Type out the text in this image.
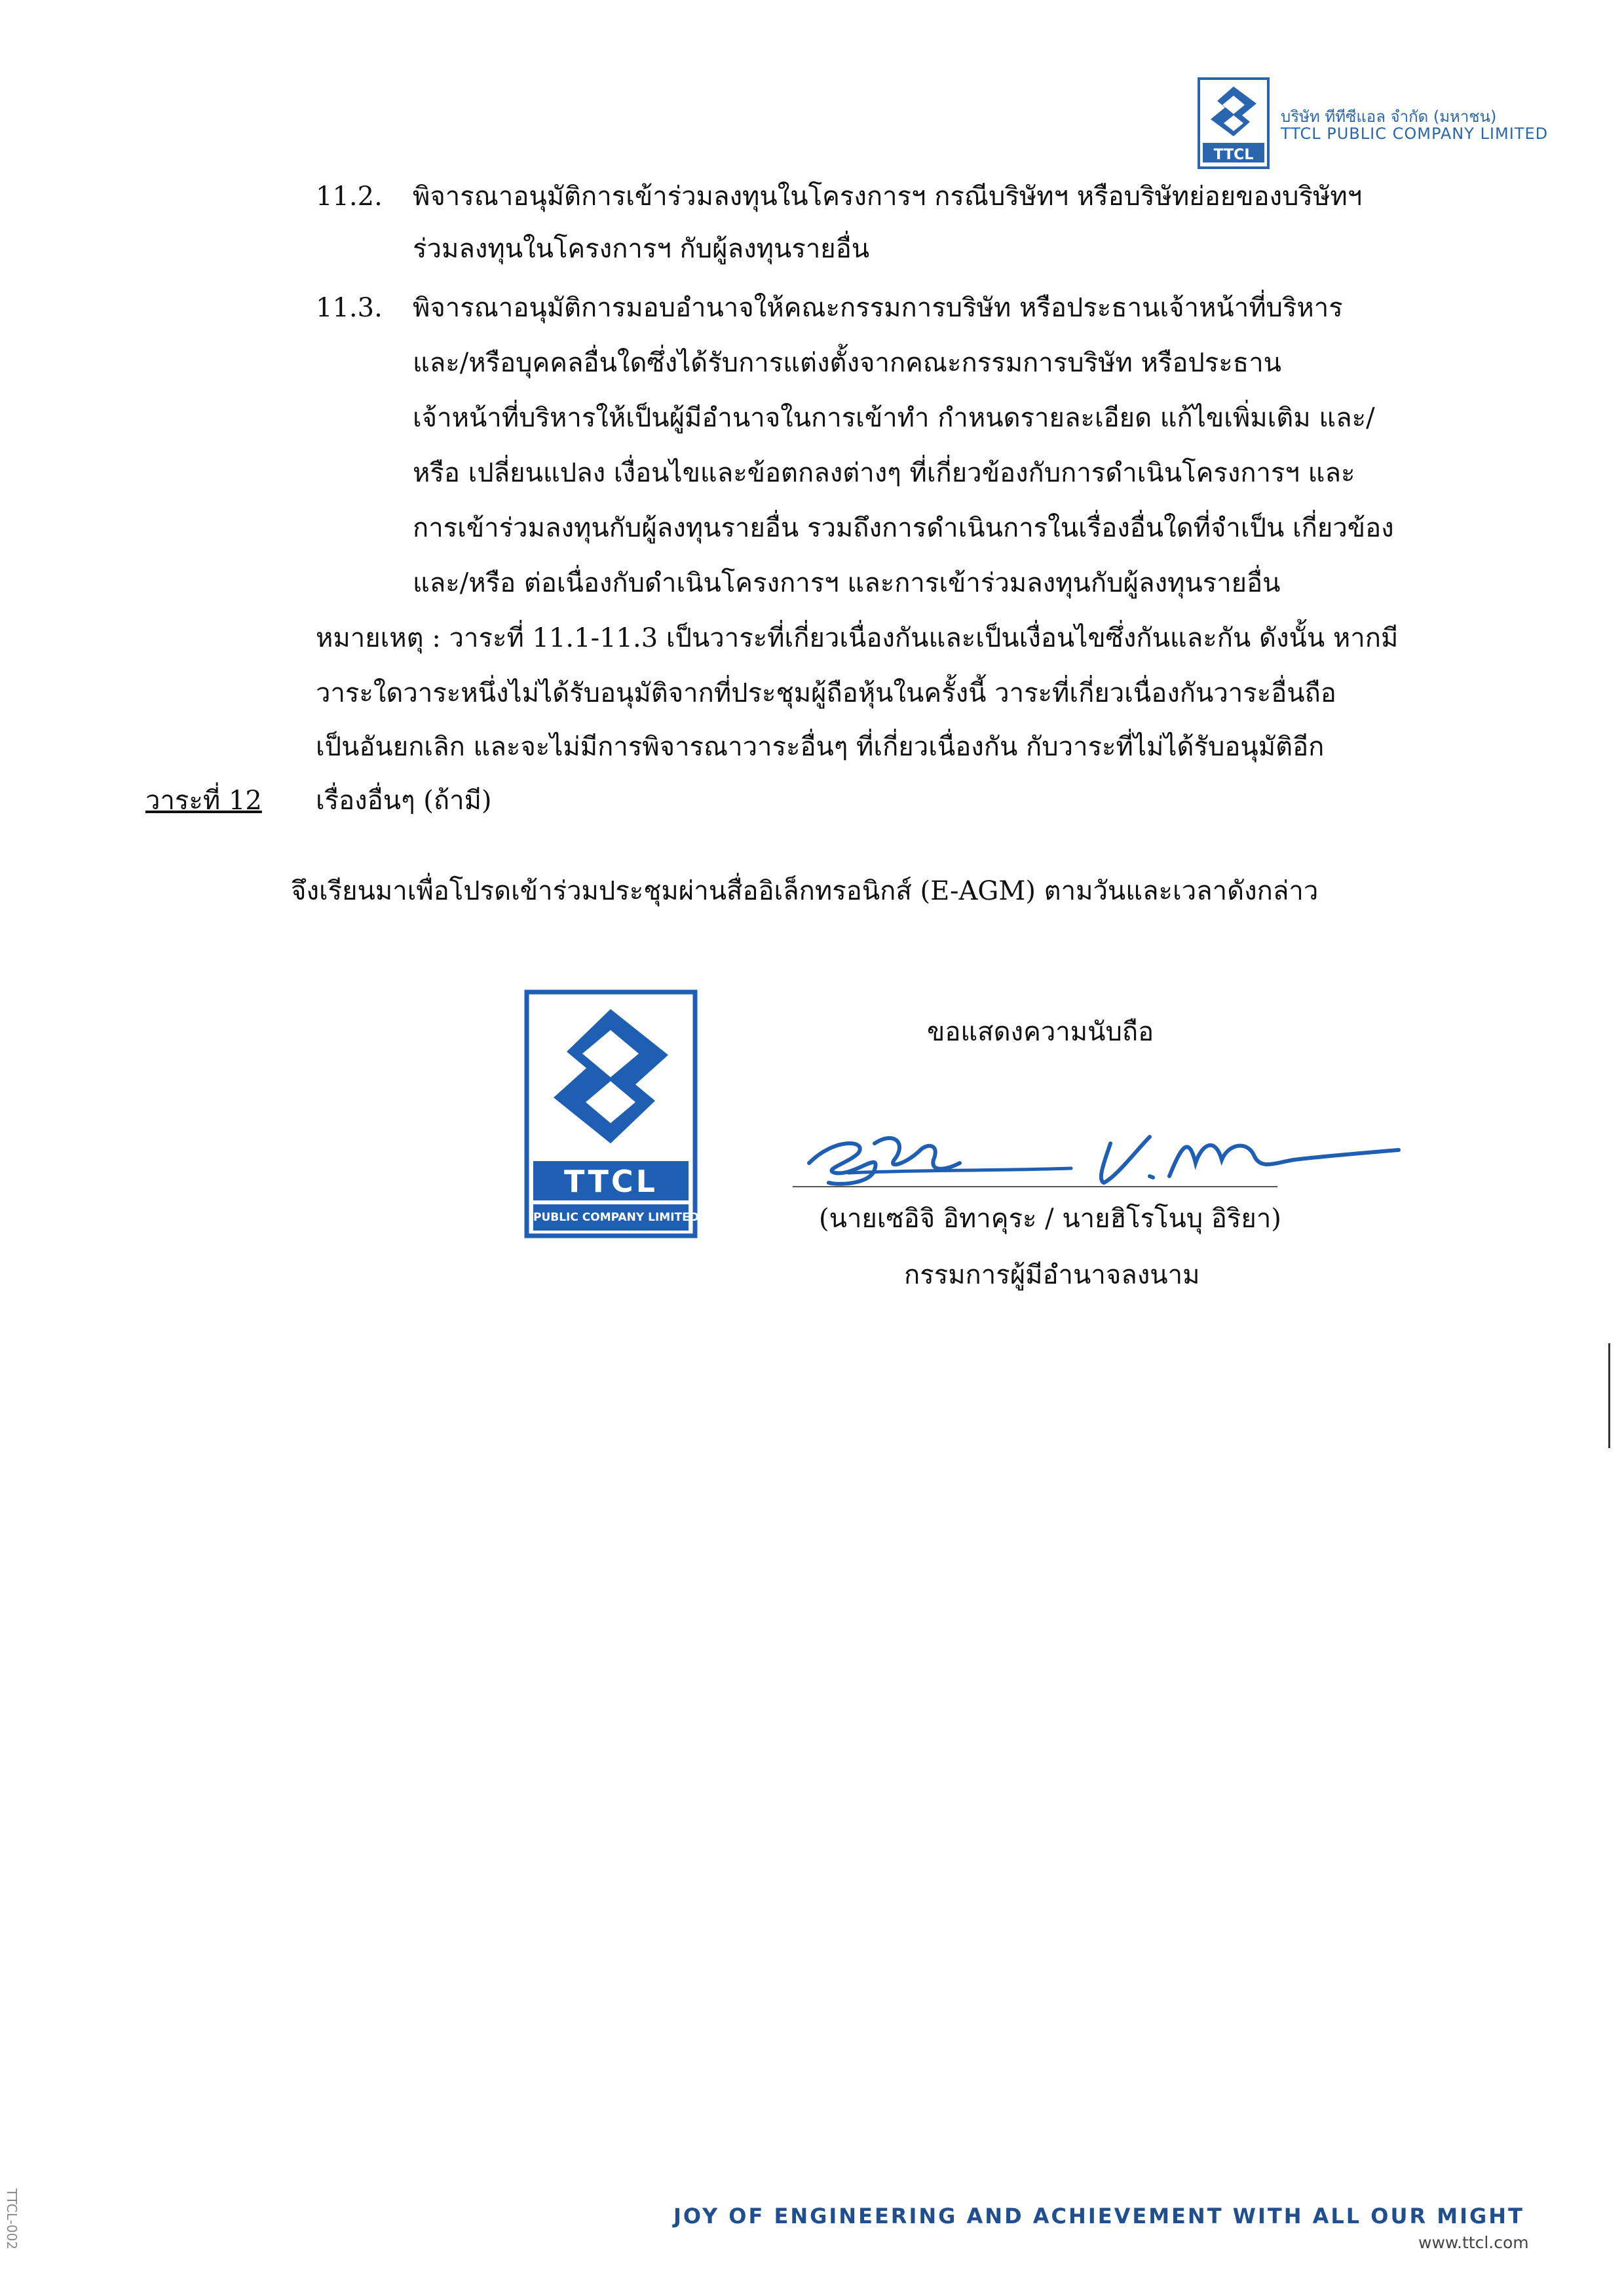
TTCL
บริษัท ทีทีซีแอล จำกัด (มหาชน)
TTCL PUBLIC COMPANY LIMITED
11.2. พิจารณาอนุมัติการเข้าร่วมลงทุนในโครงการฯ กรณีบริษัทฯ หรือบริษัทย่อยของบริษัทฯ
ร่วมลงทุนในโครงการฯ กับผู้ลงทุนรายอื่น
11.3. พิจารณาอนุมัติการมอบอำนาจให้คณะกรรมการบริษัท หรือประธานเจ้าหน้าที่บริหาร
และ/หรือบุคคลอื่นใดซึ่งได้รับการแต่งตั้งจากคณะกรรมการบริษัท หรือประธาน
เจ้าหน้าที่บริหารให้เป็นผู้มีอำนาจในการเข้าทำ กำหนดรายละเอียด แก้ไขเพิ่มเติม และ/
หรือ เปลี่ยนแปลง เงื่อนไขและข้อตกลงต่างๆ ที่เกี่ยวข้องกับการดำเนินโครงการฯ และ
การเข้าร่วมลงทุนกับผู้ลงทุนรายอื่น รวมถึงการดำเนินการในเรื่องอื่นใดที่จำเป็น เกี่ยวข้อง
และ/หรือ ต่อเนื่องกับดำเนินโครงการฯ และการเข้าร่วมลงทุนกับผู้ลงทุนรายอื่น
หมายเหตุ : วาระที่ 11.1-11.3 เป็นวาระที่เกี่ยวเนื่องกันและเป็นเงื่อนไขซึ่งกันและกัน ดังนั้น หากมี
วาระใดวาระหนึ่งไม่ได้รับอนุมัติจากที่ประชุมผู้ถือหุ้นในครั้งนี้ วาระที่เกี่ยวเนื่องกันวาระอื่นถือ
เป็นอันยกเลิก และจะไม่มีการพิจารณาวาระอื่นๆ ที่เกี่ยวเนื่องกัน กับวาระที่ไม่ได้รับอนุมัติอีก
วาระที่ 12 เรื่องอื่นๆ (ถ้ามี)
จึงเรียนมาเพื่อโปรดเข้าร่วมประชุมผ่านสื่ออิเล็กทรอนิกส์ (E-AGM) ตามวันและเวลาดังกล่าว
TTCL
PUBLIC COMPANY LIMITED
ขอแสดงความนับถือ
(นายเซอิจิ อิทาคุระ / นายฮิโรโนบุ อิริยา)
กรรมการผู้มีอำนาจลงนาม
TTCL-002	JOY OF ENGINEERING AND ACHIEVEMENT WITH ALL OUR MIGHT
www.ttcl.com
